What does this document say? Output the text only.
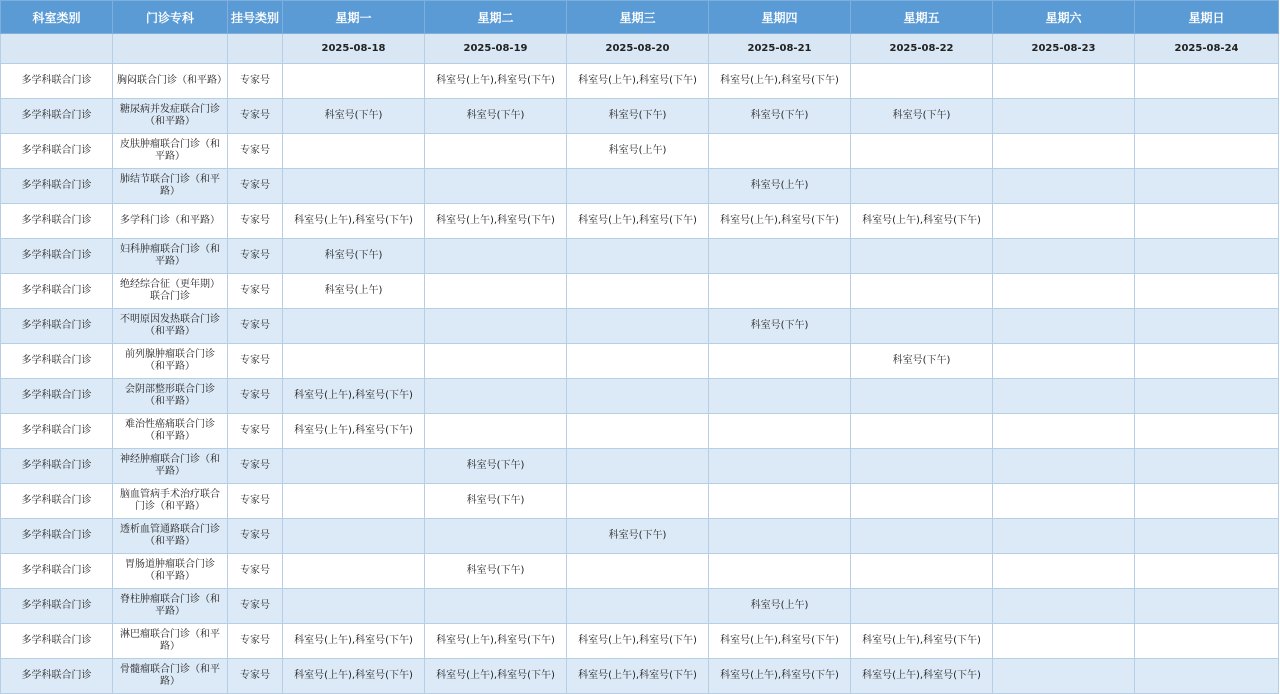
科室类别	门诊专科	挂号类别	星期一	星期二	星期三	星期四	星期五	星期六	星期日
			2025-08-18	2025-08-19	2025-08-20	2025-08-21	2025-08-22	2025-08-23	2025-08-24
多学科联合门诊	胸闷联合门诊（和平路）	专家号		科室号(上午),科室号(下午)	科室号(上午),科室号(下午)	科室号(上午),科室号(下午)			
多学科联合门诊	糖尿病并发症联合门诊（和平路）	专家号	科室号(下午)	科室号(下午)	科室号(下午)	科室号(下午)	科室号(下午)		
多学科联合门诊	皮肤肿瘤联合门诊（和平路）	专家号			科室号(上午)				
多学科联合门诊	肺结节联合门诊（和平路）	专家号				科室号(上午)			
多学科联合门诊	多学科门诊（和平路）	专家号	科室号(上午),科室号(下午)	科室号(上午),科室号(下午)	科室号(上午),科室号(下午)	科室号(上午),科室号(下午)	科室号(上午),科室号(下午)		
多学科联合门诊	妇科肿瘤联合门诊（和平路）	专家号	科室号(下午)						
多学科联合门诊	绝经综合征（更年期）联合门诊	专家号	科室号(上午)						
多学科联合门诊	不明原因发热联合门诊（和平路）	专家号				科室号(下午)			
多学科联合门诊	前列腺肿瘤联合门诊（和平路）	专家号					科室号(下午)		
多学科联合门诊	会阴部整形联合门诊（和平路）	专家号	科室号(上午),科室号(下午)						
多学科联合门诊	难治性癌痛联合门诊（和平路）	专家号	科室号(上午),科室号(下午)						
多学科联合门诊	神经肿瘤联合门诊（和平路）	专家号		科室号(下午)					
多学科联合门诊	脑血管病手术治疗联合门诊（和平路）	专家号		科室号(下午)					
多学科联合门诊	透析血管通路联合门诊（和平路）	专家号			科室号(下午)				
多学科联合门诊	胃肠道肿瘤联合门诊（和平路）	专家号		科室号(下午)					
多学科联合门诊	脊柱肿瘤联合门诊（和平路）	专家号				科室号(上午)			
多学科联合门诊	淋巴瘤联合门诊（和平路）	专家号	科室号(上午),科室号(下午)	科室号(上午),科室号(下午)	科室号(上午),科室号(下午)	科室号(上午),科室号(下午)	科室号(上午),科室号(下午)		
多学科联合门诊	骨髓瘤联合门诊（和平路）	专家号	科室号(上午),科室号(下午)	科室号(上午),科室号(下午)	科室号(上午),科室号(下午)	科室号(上午),科室号(下午)	科室号(上午),科室号(下午)		
